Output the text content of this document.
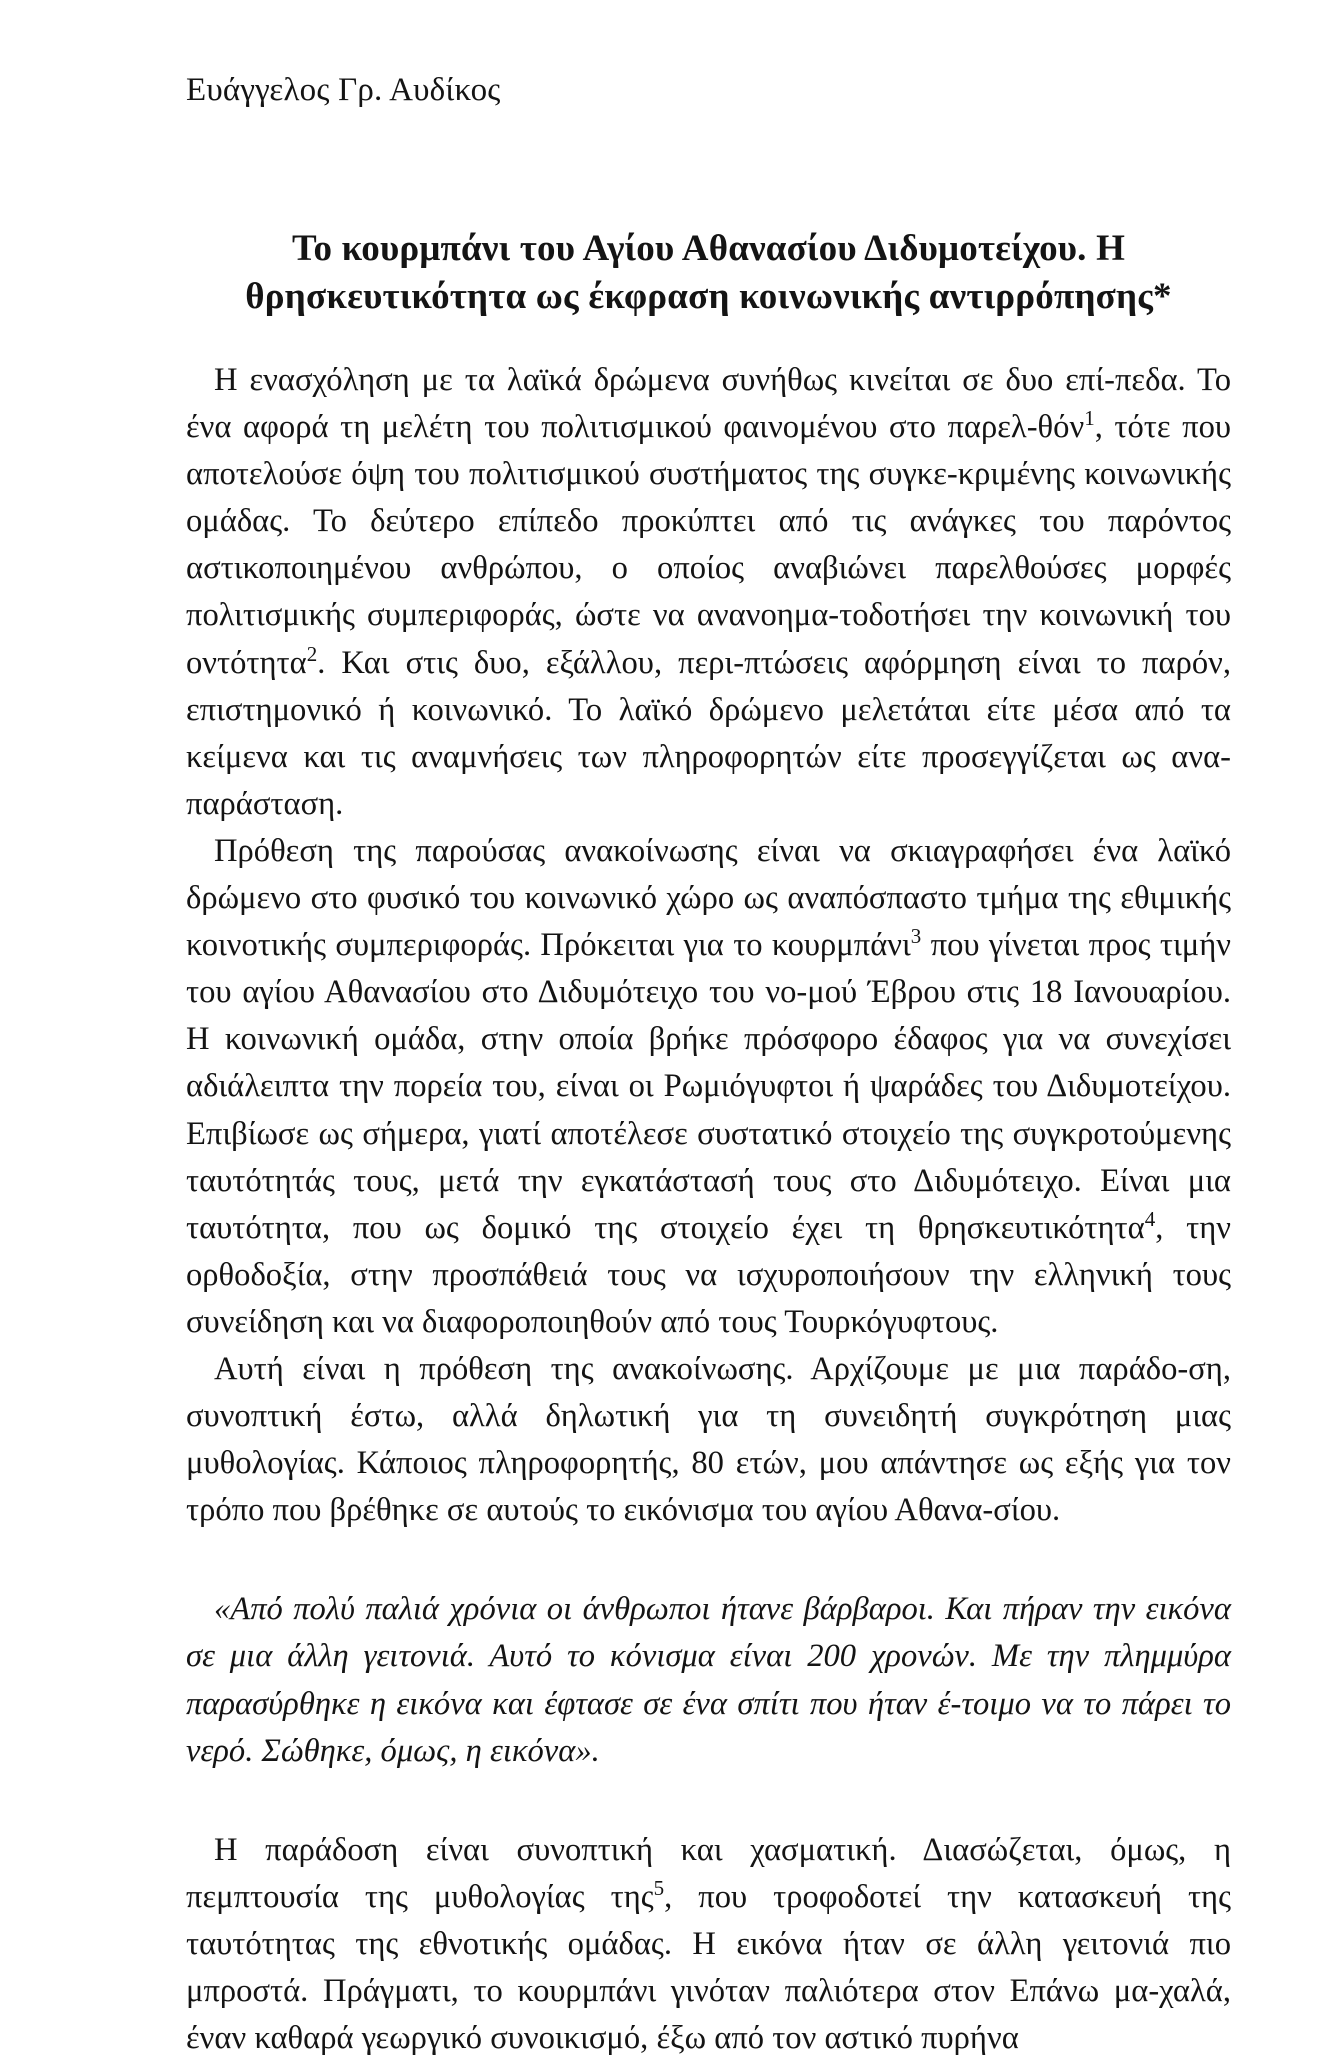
Ευάγγελος Γρ. Αυδίκος

Το κουρμπάνι του Αγίου Αθανασίου Διδυμοτείχου. Η
θρησκευτικότητα ως έκφραση κοινωνικής αντιρρόπησης*

Η ενασχόληση με τα λαϊκά δρώμενα συνήθως κινείται σε δυο επί-πεδα. Το ένα αφορά τη μελέτη του πολιτισμικού φαινομένου στο παρελ-θόν$^1$, τότε που αποτελούσε όψη του πολιτισμικού συστήματος της συγκε-κριμένης κοινωνικής ομάδας. Το δεύτερο επίπεδο προκύπτει από τις ανάγκες του παρόντος αστικοποιημένου ανθρώπου, ο οποίος αναβιώνει παρελθούσες μορφές πολιτισμικής συμπεριφοράς, ώστε να ανανοημα-τοδοτήσει την κοινωνική του οντότητα$^2$. Και στις δυο, εξάλλου, περι-πτώσεις αφόρμηση είναι το παρόν, επιστημονικό ή κοινωνικό. Το λαϊκό δρώμενο μελετάται είτε μέσα από τα κείμενα και τις αναμνήσεις των πληροφορητών είτε προσεγγίζεται ως ανα-παράσταση.

Πρόθεση της παρούσας ανακοίνωσης είναι να σκιαγραφήσει ένα λαϊκό δρώμενο στο φυσικό του κοινωνικό χώρο ως αναπόσπαστο τμήμα της εθιμικής κοινοτικής συμπεριφοράς. Πρόκειται για το κουρμπάνι$^3$ που γίνεται προς τιμήν του αγίου Αθανασίου στο Διδυμότειχο του νο-μού Έβρου στις 18 Ιανουαρίου. Η κοινωνική ομάδα, στην οποία βρήκε πρόσφορο έδαφος για να συνεχίσει αδιάλειπτα την πορεία του, είναι οι Ρωμιόγυφτοι ή ψαράδες του Διδυμοτείχου. Επιβίωσε ως σήμερα, γιατί αποτέλεσε συστατικό στοιχείο της συγκροτούμενης ταυτότητάς τους, μετά την εγκατάστασή τους στο Διδυμότειχο. Είναι μια ταυτότητα, που ως δομικό της στοιχείο έχει τη θρησκευτικότητα$^4$, την ορθοδοξία, στην προσπάθειά τους να ισχυροποιήσουν την ελληνική τους συνείδηση και να διαφοροποιηθούν από τους Τουρκόγυφτους.

Αυτή είναι η πρόθεση της ανακοίνωσης. Αρχίζουμε με μια παράδο-ση, συνοπτική έστω, αλλά δηλωτική για τη συνειδητή συγκρότηση μιας μυθολογίας. Κάποιος πληροφορητής, 80 ετών, μου απάντησε ως εξής για τον τρόπο που βρέθηκε σε αυτούς το εικόνισμα του αγίου Αθανα-σίου.

«Από πολύ παλιά χρόνια οι άνθρωποι ήτανε βάρβαροι. Και πήραν την εικόνα σε μια άλλη γειτονιά. Αυτό το κόνισμα είναι 200 χρονών. Με την πλημμύρα παρασύρθηκε η εικόνα και έφτασε σε ένα σπίτι που ήταν έ-τοιμο να το πάρει το νερό. Σώθηκε, όμως, η εικόνα».

Η παράδοση είναι συνοπτική και χασματική. Διασώζεται, όμως, η πεμπτουσία της μυθολογίας της$^5$, που τροφοδοτεί την κατασκευή της ταυτότητας της εθνοτικής ομάδας. Η εικόνα ήταν σε άλλη γειτονιά πιο μπροστά. Πράγματι, το κουρμπάνι γινόταν παλιότερα στον Επάνω μα-χαλά, έναν καθαρά γεωργικό συνοικισμό, έξω από τον αστικό πυρήνα
